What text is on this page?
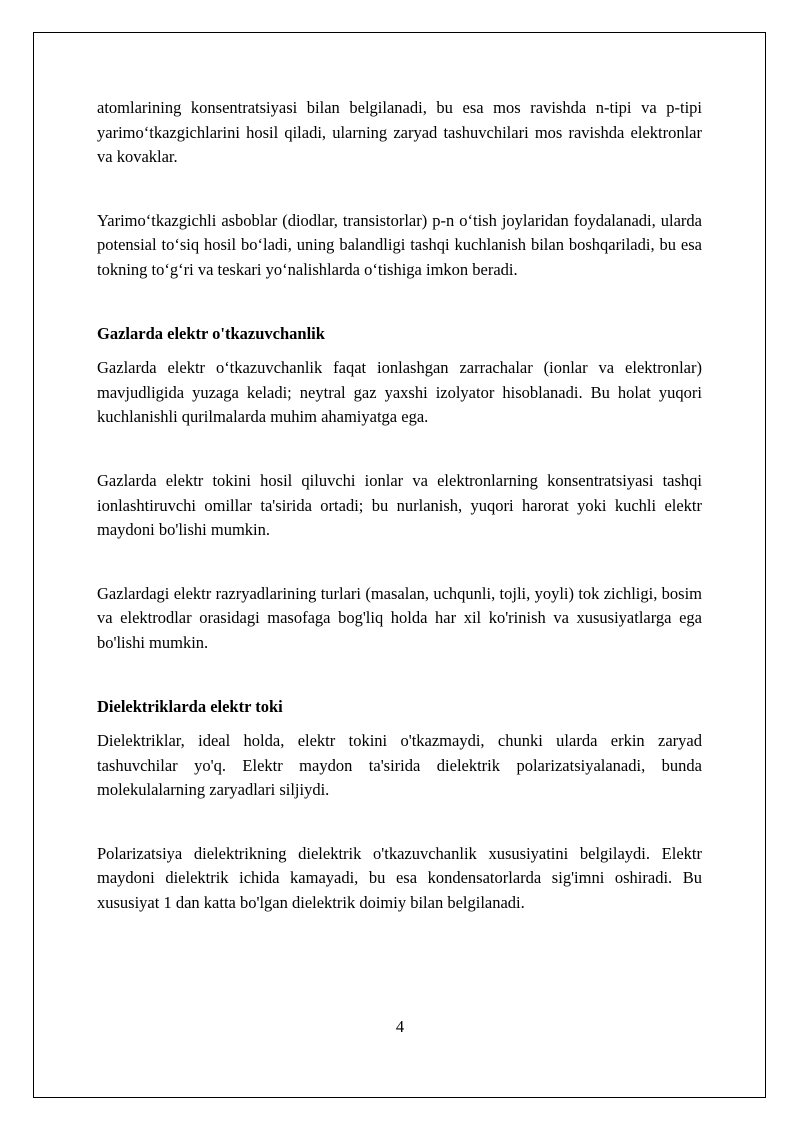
atomlarining konsentratsiyasi bilan belgilanadi, bu esa mos ravishda n-tipi va p-tipi yarimo‘tkazgichlarini hosil qiladi, ularning zaryad tashuvchilari mos ravishda elektronlar va kovaklar.

Yarimo‘tkazgichli asboblar (diodlar, transistorlar) p-n o‘tish joylaridan foydalanadi, ularda potensial to‘siq hosil bo‘ladi, uning balandligi tashqi kuchlanish bilan boshqariladi, bu esa tokning to‘g‘ri va teskari yo‘nalishlarda o‘tishiga imkon beradi.

Gazlarda elektr o'tkazuvchanlik

Gazlarda elektr o‘tkazuvchanlik faqat ionlashgan zarrachalar (ionlar va elektronlar) mavjudligida yuzaga keladi; neytral gaz yaxshi izolyator hisoblanadi. Bu holat yuqori kuchlanishli qurilmalarda muhim ahamiyatga ega.

Gazlarda elektr tokini hosil qiluvchi ionlar va elektronlarning konsentratsiyasi tashqi ionlashtiruvchi omillar ta'sirida ortadi; bu nurlanish, yuqori harorat yoki kuchli elektr maydoni bo'lishi mumkin.

Gazlardagi elektr razryadlarining turlari (masalan, uchqunli, tojli, yoyli) tok zichligi, bosim va elektrodlar orasidagi masofaga bog'liq holda har xil ko'rinish va xususiyatlarga ega bo'lishi mumkin.

Dielektriklarda elektr toki

Dielektriklar, ideal holda, elektr tokini o'tkazmaydi, chunki ularda erkin zaryad tashuvchilar yo'q. Elektr maydon ta'sirida dielektrik polarizatsiyalanadi, bunda molekulalarning zaryadlari siljiydi.

Polarizatsiya dielektrikning dielektrik o'tkazuvchanlik xususiyatini belgilaydi. Elektr maydoni dielektrik ichida kamayadi, bu esa kondensatorlarda sig'imni oshiradi. Bu xususiyat 1 dan katta bo'lgan dielektrik doimiy bilan belgilanadi.

4
